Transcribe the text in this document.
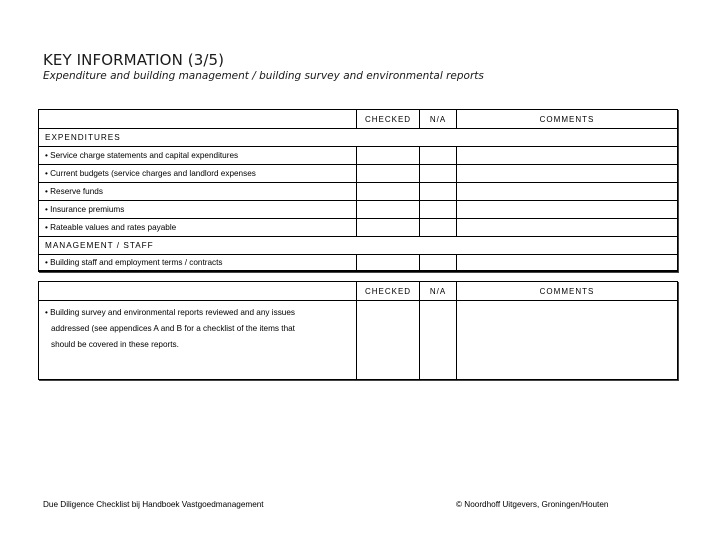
KEY INFORMATION (3/5)
Expenditure and building management / building survey and environmental reports
CHECKED	N/A	COMMENTS
EXPENDITURES
• Service charge statements and capital expenditures
• Current budgets (service charges and landlord expenses
• Reserve funds
• Insurance premiums
• Rateable values and rates payable
MANAGEMENT / STAFF
• Building staff and employment terms / contracts
CHECKED	N/A	COMMENTS
• Building survey and environmental reports reviewed and any issues
addressed (see appendices A and B for a checklist of the items that
should be covered in these reports.
Due Diligence Checklist bij Handboek Vastgoedmanagement	© Noordhoff Uitgevers, Groningen/Houten
